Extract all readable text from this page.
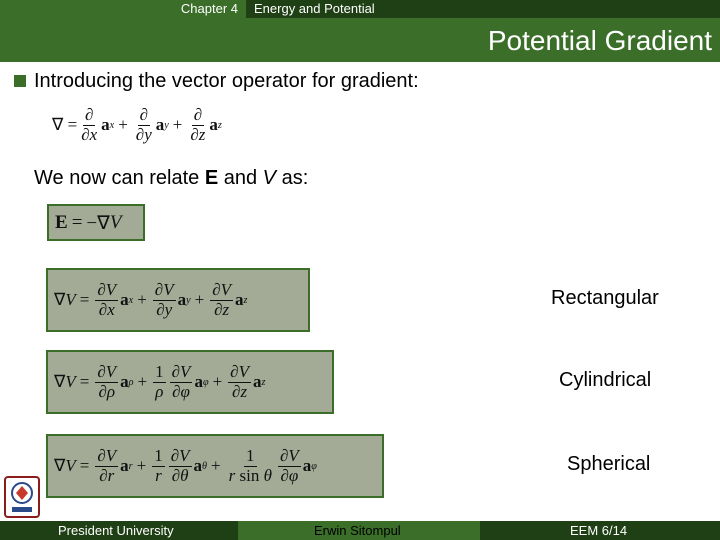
Chapter 4	Energy and Potential
Potential Gradient
Introducing the vector operator for gradient:
∇ = $\frac{\partial}{\partial x}$ a $x + \frac{\partial}{\partial y}$ a $y + \frac{\partial}{\partial z}$ a z
We now can relate E and V as:
E = −∇ V
∇ $V = \frac{\partial V}{\partial x}$ a $x + \frac{\partial V}{\partial y}$ a $y + \frac{\partial V}{\partial z}$ a z	Rectangular
∇ $V = \frac{\partial V}{\partial\rho}$ a $\rho + \frac{1}{\rho} \frac{\partial V}{\partial\varphi}$ a $\varphi + \frac{\partial V}{\partial z}$ a z	Cylindrical
∇ $V = \frac{\partial V}{\partial r}$ a $r + \frac{1}{r} \frac{\partial V}{\partial\theta}$ a $\theta + \frac{1}{\text{r sin θ}} \frac{\partial V}{\partial\varphi}$ a φ	Spherical
President University	Erwin Sitompul	EEM 6/14
